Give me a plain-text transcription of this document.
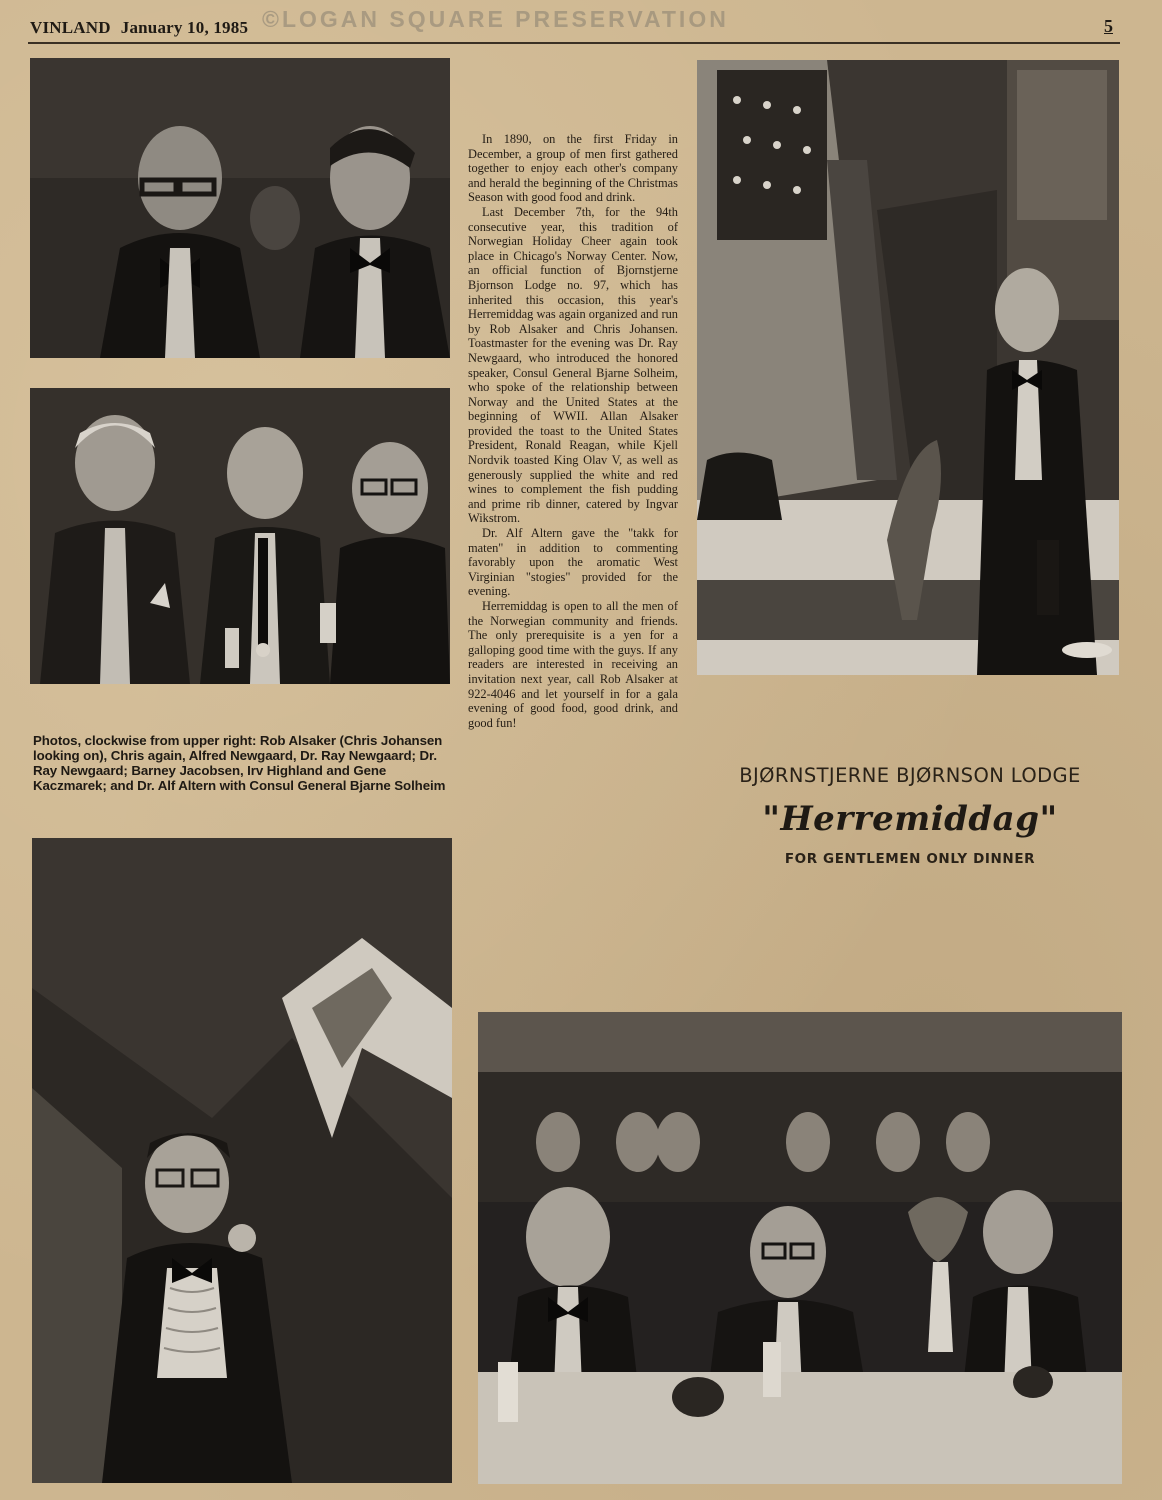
VINLAND January 10, 1985 ©LOGAN SQUARE PRESERVATION	5
Photos, clockwise from upper right: Rob Alsaker (Chris Johansen looking on), Chris again, Alfred Newgaard, Dr. Ray Newgaard; Dr. Ray Newgaard; Barney Jacobsen, Irv Highland and Gene Kaczmarek; and Dr. Alf Altern with Consul General Bjarne Solheim

In 1890, on the first Friday in December, a group of men first gathered together to enjoy each other's company and herald the beginning of the Christmas Season with good food and drink.

Last December 7th, for the 94th consecutive year, this tradition of Norwegian Holiday Cheer again took place in Chicago's Norway Center. Now, an official function of Bjornstjerne Bjornson Lodge no. 97, which has inherited this occasion, this year's Herremiddag was again organized and run by Rob Alsaker and Chris Johansen. Toastmaster for the evening was Dr. Ray Newgaard, who introduced the honored speaker, Consul General Bjarne Solheim, who spoke of the relationship between Norway and the United States at the beginning of WWII. Allan Alsaker provided the toast to the United States President, Ronald Reagan, while Kjell Nordvik toasted King Olav V, as well as generously supplied the white and red wines to complement the fish pudding and prime rib dinner, catered by Ingvar Wikstrom.

Dr. Alf Altern gave the "takk for maten" in addition to commenting favorably upon the aromatic West Virginian "stogies" provided for the evening.

Herremiddag is open to all the men of the Norwegian community and friends. The only prerequisite is a yen for a galloping good time with the guys. If any readers are interested in receiving an invitation next year, call Rob Alsaker at 922-4046 and let yourself in for a gala evening of good food, good drink, and good fun!

BJØRNSTJERNE BJØRNSON LODGE
"Herremiddag"
FOR GENTLEMEN ONLY DINNER
